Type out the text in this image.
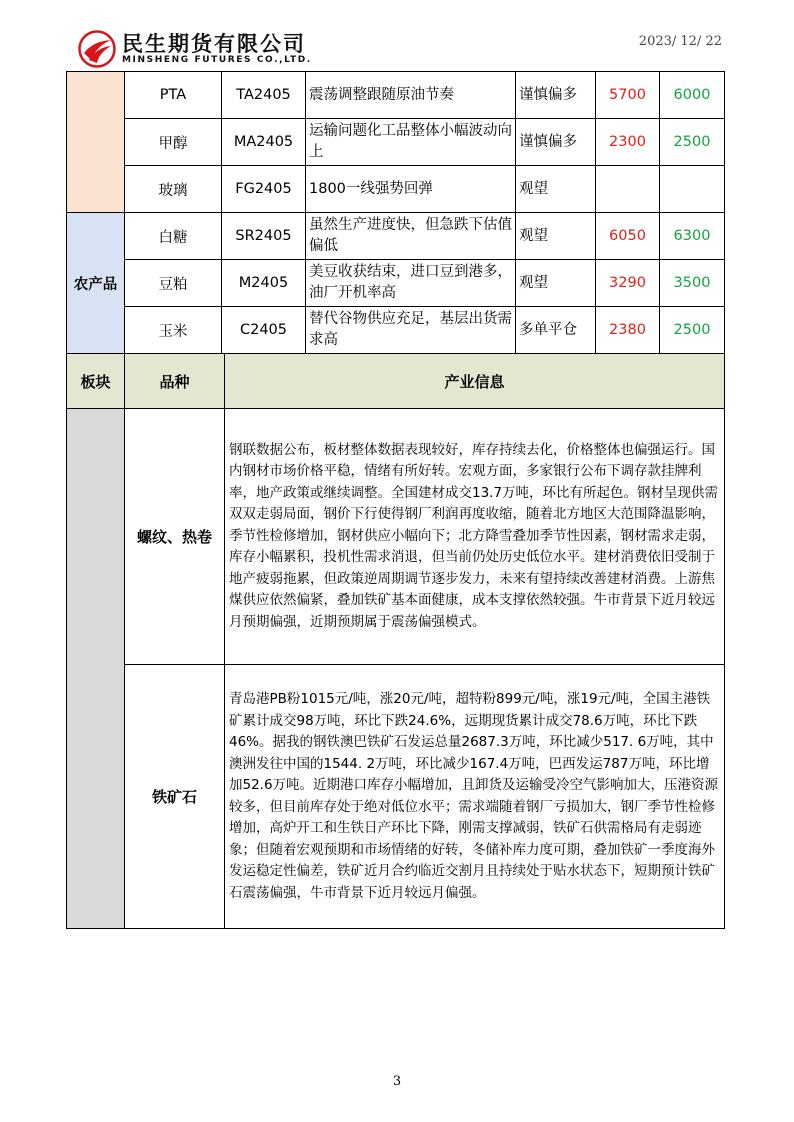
民生期货有限公司
MINSHENG FUTURES CO.,LTD.
2023/ 12/ 22
	PTA	TA2405	震荡调整跟随原油节奏	谨慎偏多	5700	6000
	甲醇	MA2405	运输问题化工品整体小幅波动向上	谨慎偏多	2300	2500
	玻璃	FG2405	1800一线强势回弹	观望		
农产品	白糖	SR2405	虽然生产进度快，但急跌下估值偏低	观望	6050	6300
	豆粕	M2405	美豆收获结束，进口豆到港多，油厂开机率高	观望	3290	3500
	玉米	C2405	替代谷物供应充足，基层出货需求高	多单平仓	2380	2500
板块	品种	产业信息
	螺纹、热卷	钢联数据公布，板材整体数据表现较好，库存持续去化，价格整体也偏强运行。国内钢材市场价格平稳，情绪有所好转。宏观方面，多家银行公布下调存款挂牌利率，地产政策或继续调整。全国建材成交13.7万吨，环比有所起色。钢材呈现供需双双走弱局面，钢价下行使得钢厂利润再度收缩，随着北方地区大范围降温影响，季节性检修增加，钢材供应小幅向下；北方降雪叠加季节性因素，钢材需求走弱，库存小幅累积，投机性需求消退，但当前仍处历史低位水平。建材消费依旧受制于地产疲弱拖累，但政策逆周期调节逐步发力，未来有望持续改善建材消费。上游焦煤供应依然偏紧，叠加铁矿基本面健康，成本支撑依然较强。牛市背景下近月较远月预期偏强，近期预期属于震荡偏强模式。
	铁矿石	青岛港PB粉1015元/吨，涨20元/吨，超特粉899元/吨，涨19元/吨，全国主港铁矿累计成交98万吨，环比下跌24.6%，远期现货累计成交78.6万吨，环比下跌46%。据我的钢铁澳巴铁矿石发运总量2687.3万吨，环比减少517. 6万吨，其中澳洲发往中国的1544. 2万吨，环比减少167.4万吨，巴西发运787万吨，环比增加52.6万吨。近期港口库存小幅增加，且卸货及运输受冷空气影响加大，压港资源较多，但目前库存处于绝对低位水平；需求端随着钢厂亏损加大，钢厂季节性检修增加，高炉开工和生铁日产环比下降，刚需支撑减弱，铁矿石供需格局有走弱迹象；但随着宏观预期和市场情绪的好转，冬储补库力度可期，叠加铁矿一季度海外发运稳定性偏差，铁矿近月合约临近交割月且持续处于贴水状态下，短期预计铁矿石震荡偏强，牛市背景下近月较远月偏强。
3
